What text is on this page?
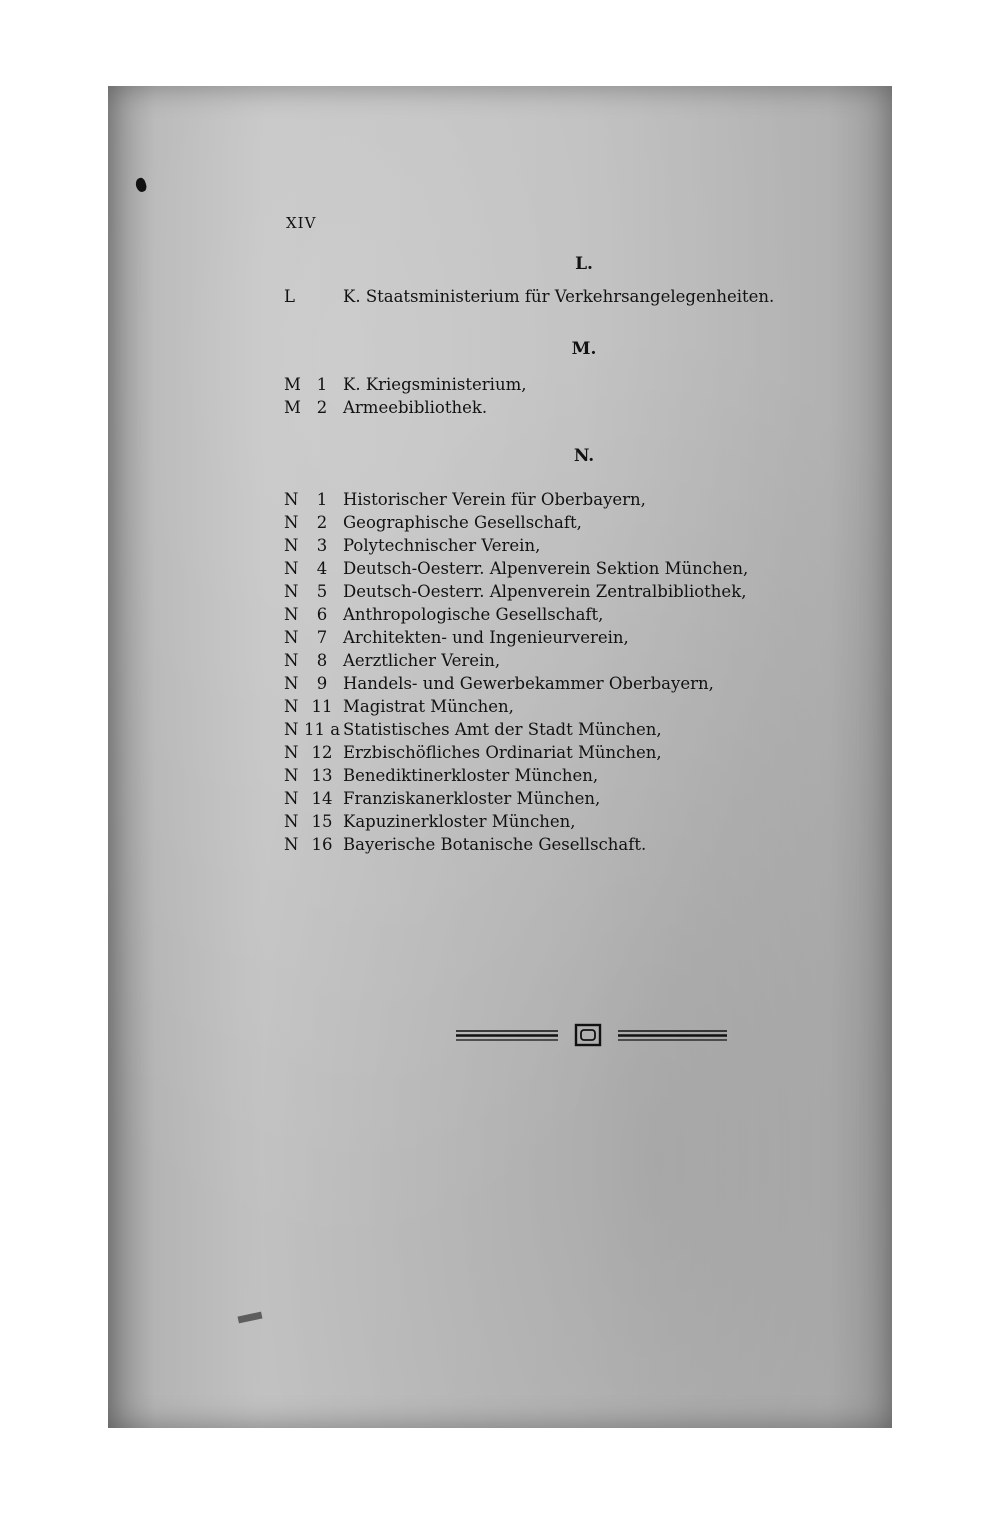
XIV
L.
L	K. Staatsministerium für Verkehrsangelegenheiten.
M.
M 1 K. Kriegsministerium,
M 2 Armeebibliothek.
N.
N	1 Historischer Verein für Oberbayern,
N	2 Geographische Gesellschaft,
N	3 Polytechnischer Verein,
N	4 Deutsch-Oesterr. Alpenverein Sektion München,
N	5 Deutsch-Oesterr. Alpenverein Zentralbibliothek,
N	6 Anthropologische Gesellschaft,
N	7 Architekten- und Ingenieurverein,
N	8 Aerztlicher Verein,
N	9 Handels- und Gewerbekammer Oberbayern,
N 11 Magistrat München,
N 11 a Statistisches Amt der Stadt München,
N 12 Erzbischöfliches Ordinariat München,
N 13 Benediktinerkloster München,
N 14 Franziskanerkloster München,
N 15 Kapuzinerkloster München,
N 16 Bayerische Botanische Gesellschaft.
